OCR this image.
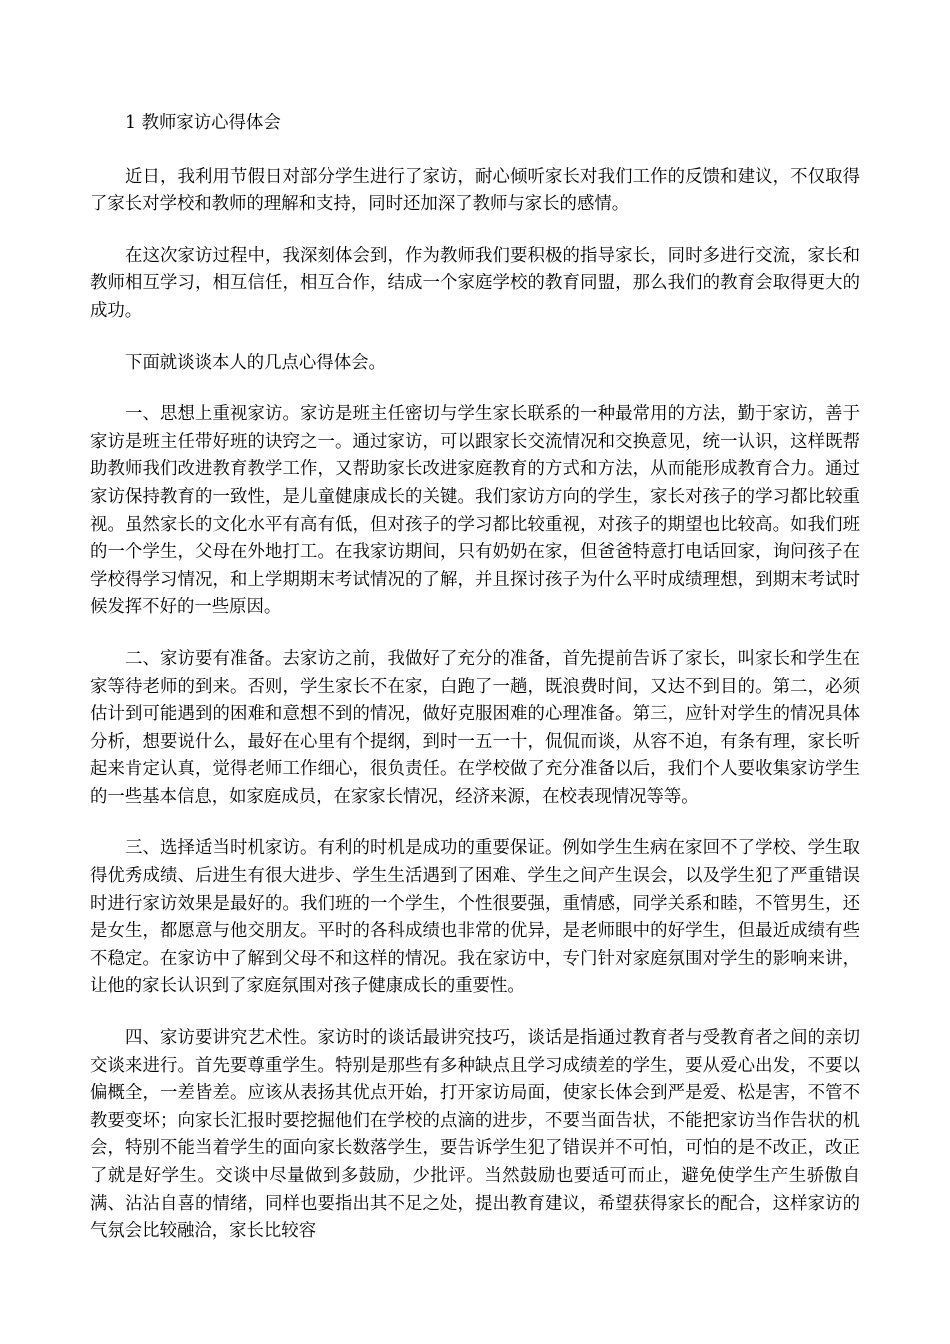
1 教师家访心得体会

近日，我利用节假日对部分学生进行了家访，耐心倾听家长对我们工作的反馈和建议，不仅取得了家长对学校和教师的理解和支持，同时还加深了教师与家长的感情。

在这次家访过程中，我深刻体会到，作为教师我们要积极的指导家长，同时多进行交流，家长和教师相互学习，相互信任，相互合作，结成一个家庭学校的教育同盟，那么我们的教育会取得更大的成功。

下面就谈谈本人的几点心得体会。

一、思想上重视家访。家访是班主任密切与学生家长联系的一种最常用的方法，勤于家访，善于家访是班主任带好班的诀窍之一。通过家访，可以跟家长交流情况和交换意见，统一认识，这样既帮助教师我们改进教育教学工作，又帮助家长改进家庭教育的方式和方法，从而能形成教育合力。通过家访保持教育的一致性，是儿童健康成长的关键。我们家访方向的学生，家长对孩子的学习都比较重视。虽然家长的文化水平有高有低，但对孩子的学习都比较重视，对孩子的期望也比较高。如我们班的一个学生，父母在外地打工。在我家访期间，只有奶奶在家，但爸爸特意打电话回家，询问孩子在学校得学习情况，和上学期期末考试情况的了解，并且探讨孩子为什么平时成绩理想，到期末考试时候发挥不好的一些原因。

二、家访要有准备。去家访之前，我做好了充分的准备，首先提前告诉了家长，叫家长和学生在家等待老师的到来。否则，学生家长不在家，白跑了一趟，既浪费时间，又达不到目的。第二，必须估计到可能遇到的困难和意想不到的情况，做好克服困难的心理准备。第三，应针对学生的情况具体分析，想要说什么，最好在心里有个提纲，到时一五一十，侃侃而谈，从容不迫，有条有理，家长听起来肯定认真，觉得老师工作细心，很负责任。在学校做了充分准备以后，我们个人要收集家访学生的一些基本信息，如家庭成员，在家家长情况，经济来源，在校表现情况等等。

三、选择适当时机家访。有利的时机是成功的重要保证。例如学生生病在家回不了学校、学生取得优秀成绩、后进生有很大进步、学生生活遇到了困难、学生之间产生误会，以及学生犯了严重错误时进行家访效果是最好的。我们班的一个学生，个性很要强，重情感，同学关系和睦，不管男生，还是女生，都愿意与他交朋友。平时的各科成绩也非常的优异，是老师眼中的好学生，但最近成绩有些不稳定。在家访中了解到父母不和这样的情况。我在家访中，专门针对家庭氛围对学生的影响来讲，让他的家长认识到了家庭氛围对孩子健康成长的重要性。

四、家访要讲究艺术性。家访时的谈话最讲究技巧，谈话是指通过教育者与受教育者之间的亲切交谈来进行。首先要尊重学生。特别是那些有多种缺点且学习成绩差的学生，要从爱心出发，不要以偏概全，一差皆差。应该从表扬其优点开始，打开家访局面，使家长体会到严是爱、松是害，不管不教要变坏；向家长汇报时要挖掘他们在学校的点滴的进步，不要当面告状，不能把家访当作告状的机会，特别不能当着学生的面向家长数落学生，要告诉学生犯了错误并不可怕，可怕的是不改正，改正了就是好学生。交谈中尽量做到多鼓励，少批评。当然鼓励也要适可而止，避免使学生产生骄傲自满、沾沾自喜的情绪，同样也要指出其不足之处，提出教育建议，希望获得家长的配合，这样家访的气氛会比较融洽，家长比较容
